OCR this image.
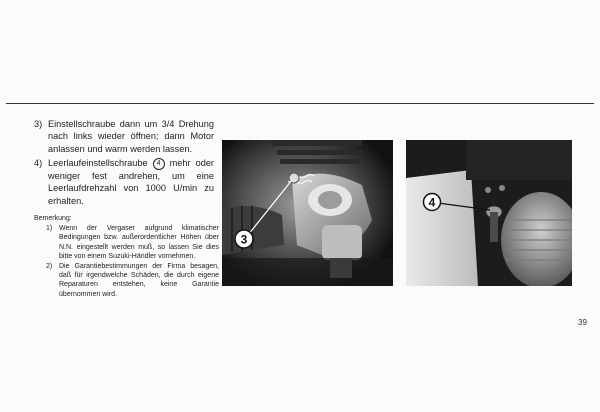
3) Einstellschraube dann um 3/4 Drehung nach links wieder öffnen; dann Motor anlassen und warm werden lassen.
4) Leerlaufeinstellschraube 4 mehr oder weniger fest andrehen, um eine Leerlaufdrehzahl von 1000 U/min zu erhalten.

Bemerkung:

1) Wenn der Vergaser aufgrund klimatischer Bedingungen bzw. außerordentlicher Höhen über N.N. eingestellt werden muß, so lassen Sie dies bitte von einem Suzuki-Händler vornehmen.
2) Die Garantiebestimmungen der Firma besagen, daß für irgendwelche Schäden, die durch eigene Reparaturen entstehen, keine Garantie übernommen wird.
3
4
39
